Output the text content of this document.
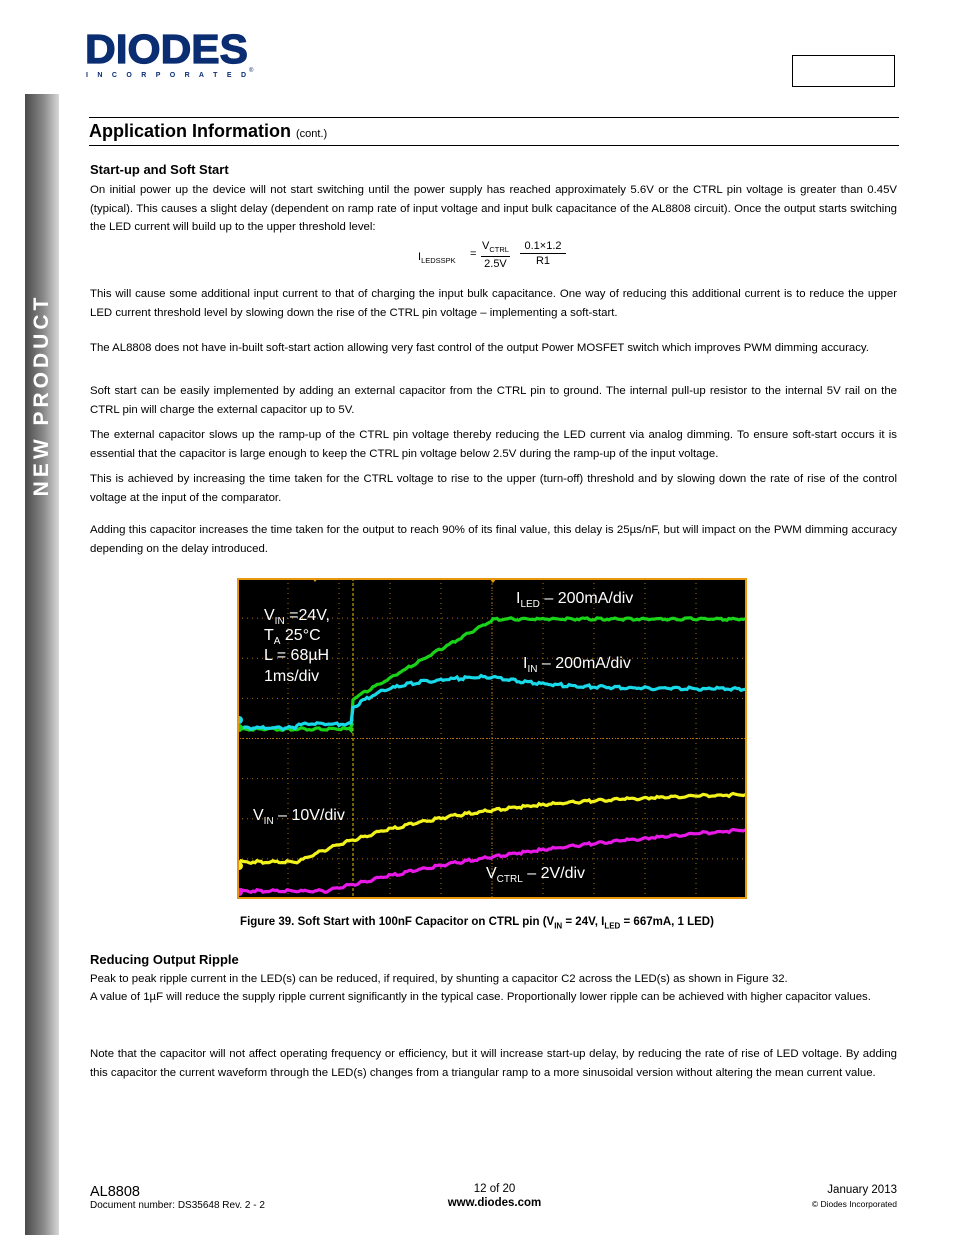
NEW PRODUCT
DIODES
I N C O R P O R A T E D
®
Application Information (cont.)
Start-up and Soft Start
On initial power up the device will not start switching until the power supply has reached approximately 5.6V or the CTRL pin voltage is greater than 0.45V (typical). This causes a slight delay (dependent on ramp rate of input voltage and input bulk capacitance of the AL8808 circuit). Once the output starts switching the LED current will build up to the upper threshold level:
$I_{LEDSSPK}$
=
$V_{CTRL}$
$2.5V \frac{0.1\times 1.2}{R1}$
This will cause some additional input current to that of charging the input bulk capacitance. One way of reducing this additional current is to reduce the upper LED current threshold level by slowing down the rise of the CTRL pin voltage – implementing a soft-start.
The AL8808 does not have in-built soft-start action allowing very fast control of the output Power MOSFET switch which improves PWM dimming accuracy.
Soft start can be easily implemented by adding an external capacitor from the CTRL pin to ground. The internal pull-up resistor to the internal 5V rail on the CTRL pin will charge the external capacitor up to 5V.
The external capacitor slows up the ramp-up of the CTRL pin voltage thereby reducing the LED current via analog dimming. To ensure soft-start occurs it is essential that the capacitor is large enough to keep the CTRL pin voltage below 2.5V during the ramp-up of the input voltage.
This is achieved by increasing the time taken for the CTRL voltage to rise to the upper (turn-off) threshold and by slowing down the rate of rise of the control voltage at the input of the comparator.
Adding this capacitor increases the time taken for the output to reach 90% of its final value, this delay is 25µs/nF, but will impact on the PWM dimming accuracy depending on the delay introduced.
$V_{IN} =24V$,
$T_A$ 25°C
L = 68µH
1ms/div
$I_{LED} - 200mA/div$
$I_{IN} - 200mA/div$
$V_{IN} - 10V/div$
$V_{CTRL} - 2V/div$
Figure 39. Soft Start with 100nF Capacitor on CTRL pin ($V_{IN} = 24V$, $I_{LED} = 667mA$, 1 LED)
Reducing Output Ripple
Peak to peak ripple current in the LED(s) can be reduced, if required, by shunting a capacitor C2 across the LED(s) as shown in Figure 32.
A value of 1µF will reduce the supply ripple current significantly in the typical case. Proportionally lower ripple can be achieved with higher capacitor values.
Note that the capacitor will not affect operating frequency or efficiency, but it will increase start-up delay, by reducing the rate of rise of LED voltage. By adding this capacitor the current waveform through the LED(s) changes from a triangular ramp to a more sinusoidal version without altering the mean current value.
AL8808
Document number: DS35648 Rev. 2 - 2
12 of 20
www.diodes.com
January 2013
© Diodes Incorporated
